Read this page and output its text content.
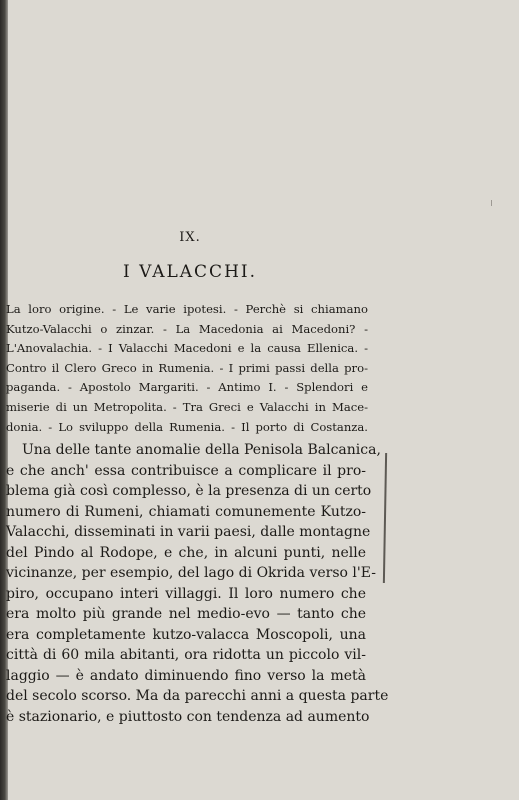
IX.
I VALACCHI.
La loro origine. - Le varie ipotesi. - Perchè si chiamano
Kutzo-Valacchi o zinzar. - La Macedonia ai Macedoni? -
L'Anovalachia. - I Valacchi Macedoni e la causa Ellenica. -
Contro il Clero Greco in Rumenia. - I primi passi della pro-
paganda. - Apostolo Margariti. - Antimo I. - Splendori e
miserie di un Metropolita. - Tra Greci e Valacchi in Mace-
donia. - Lo sviluppo della Rumenia. - Il porto di Costanza.
Una delle tante anomalie della Penisola Balcanica,
e che anch' essa contribuisce a complicare il pro-
blema già così complesso, è la presenza di un certo
numero di Rumeni, chiamati comunemente Kutzo-
Valacchi, disseminati in varii paesi, dalle montagne
del Pindo al Rodope, e che, in alcuni punti, nelle
vicinanze, per esempio, del lago di Okrida verso l'E-
piro, occupano interi villaggi. Il loro numero che
era molto più grande nel medio-evo — tanto che
era completamente kutzo-valacca Moscopoli, una
città di 60 mila abitanti, ora ridotta un piccolo vil-
laggio — è andato diminuendo fino verso la metà
del secolo scorso. Ma da parecchi anni a questa parte
è stazionario, e piuttosto con tendenza ad aumento
